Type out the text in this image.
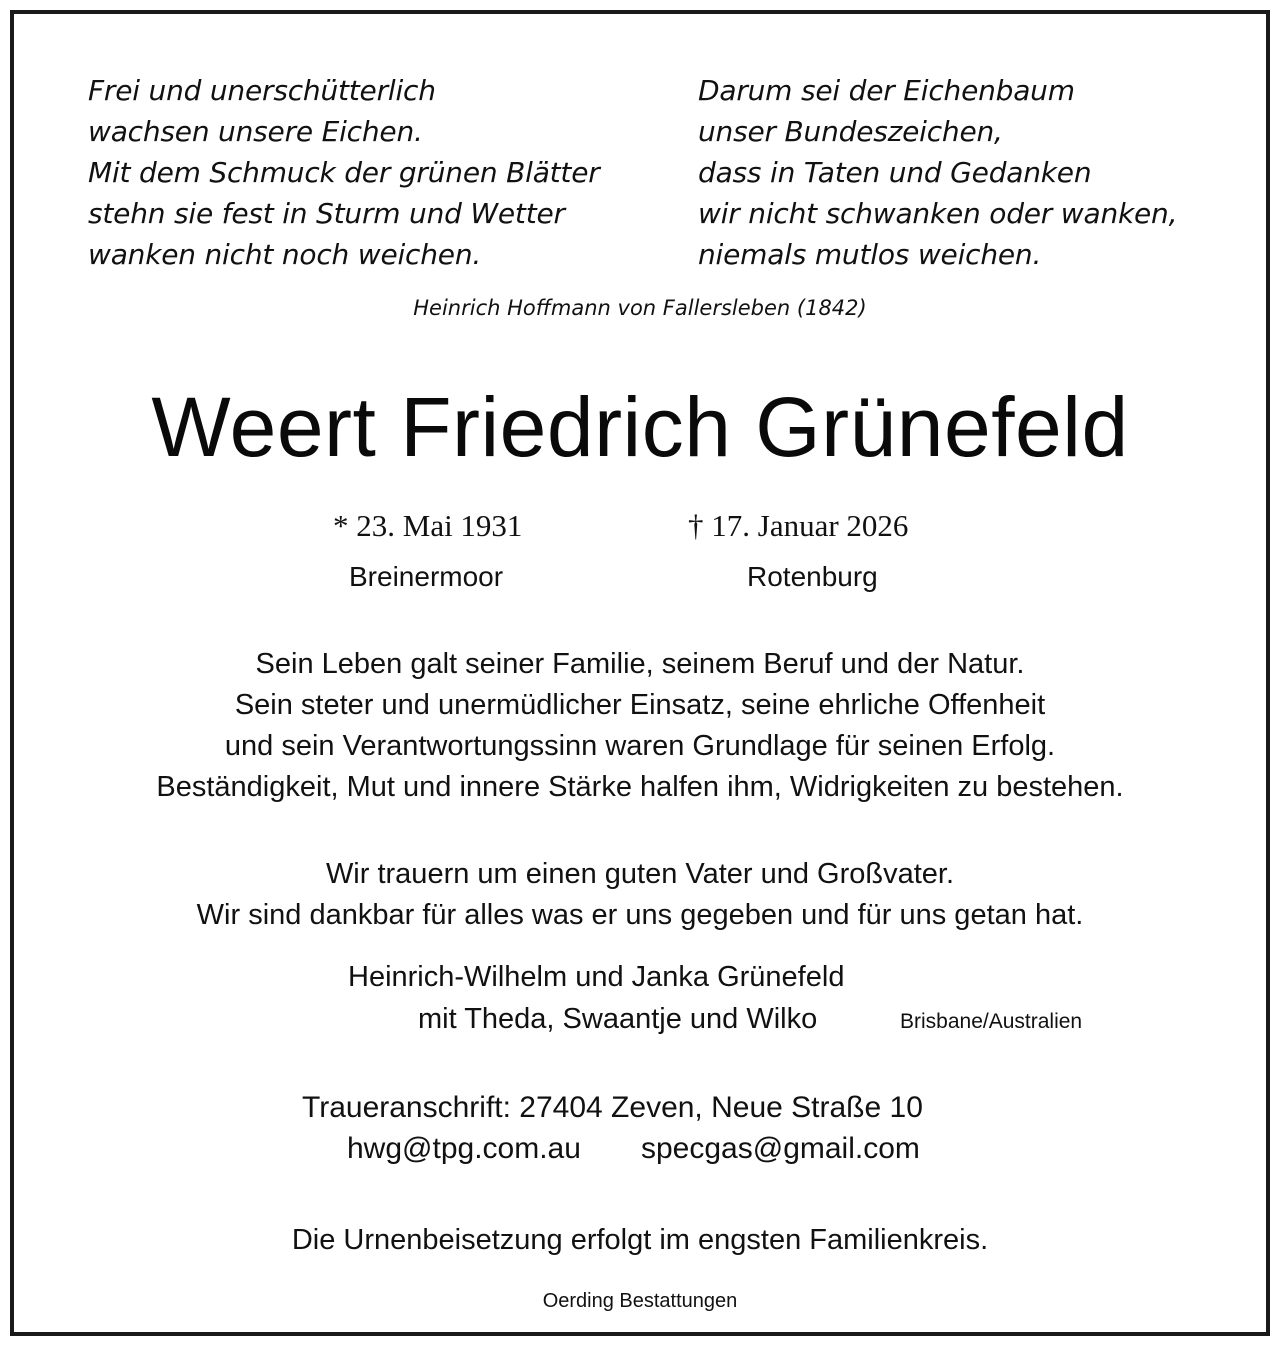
Frei und unerschütterlich
wachsen unsere Eichen.
Mit dem Schmuck der grünen Blätter
stehn sie fest in Sturm und Wetter
wanken nicht noch weichen.
Darum sei der Eichenbaum
unser Bundeszeichen,
dass in Taten und Gedanken
wir nicht schwanken oder wanken,
niemals mutlos weichen.
Heinrich Hoffmann von Fallersleben (1842)
Weert Friedrich Grünefeld
* 23. Mai 1931	† 17. Januar 2026
Breinermoor	Rotenburg
Sein Leben galt seiner Familie, seinem Beruf und der Natur.
Sein steter und unermüdlicher Einsatz, seine ehrliche Offenheit
und sein Verantwortungssinn waren Grundlage für seinen Erfolg.
Beständigkeit, Mut und innere Stärke halfen ihm, Widrigkeiten zu bestehen.
Wir trauern um einen guten Vater und Großvater.
Wir sind dankbar für alles was er uns gegeben und für uns getan hat.
Heinrich-Wilhelm und Janka Grünefeld
mit Theda, Swaantje und Wilko	Brisbane/Australien
Traueranschrift: 27404 Zeven, Neue Straße 10
hwg@tpg.com.au specgas@gmail.com
Die Urnenbeisetzung erfolgt im engsten Familienkreis.
Oerding Bestattungen
